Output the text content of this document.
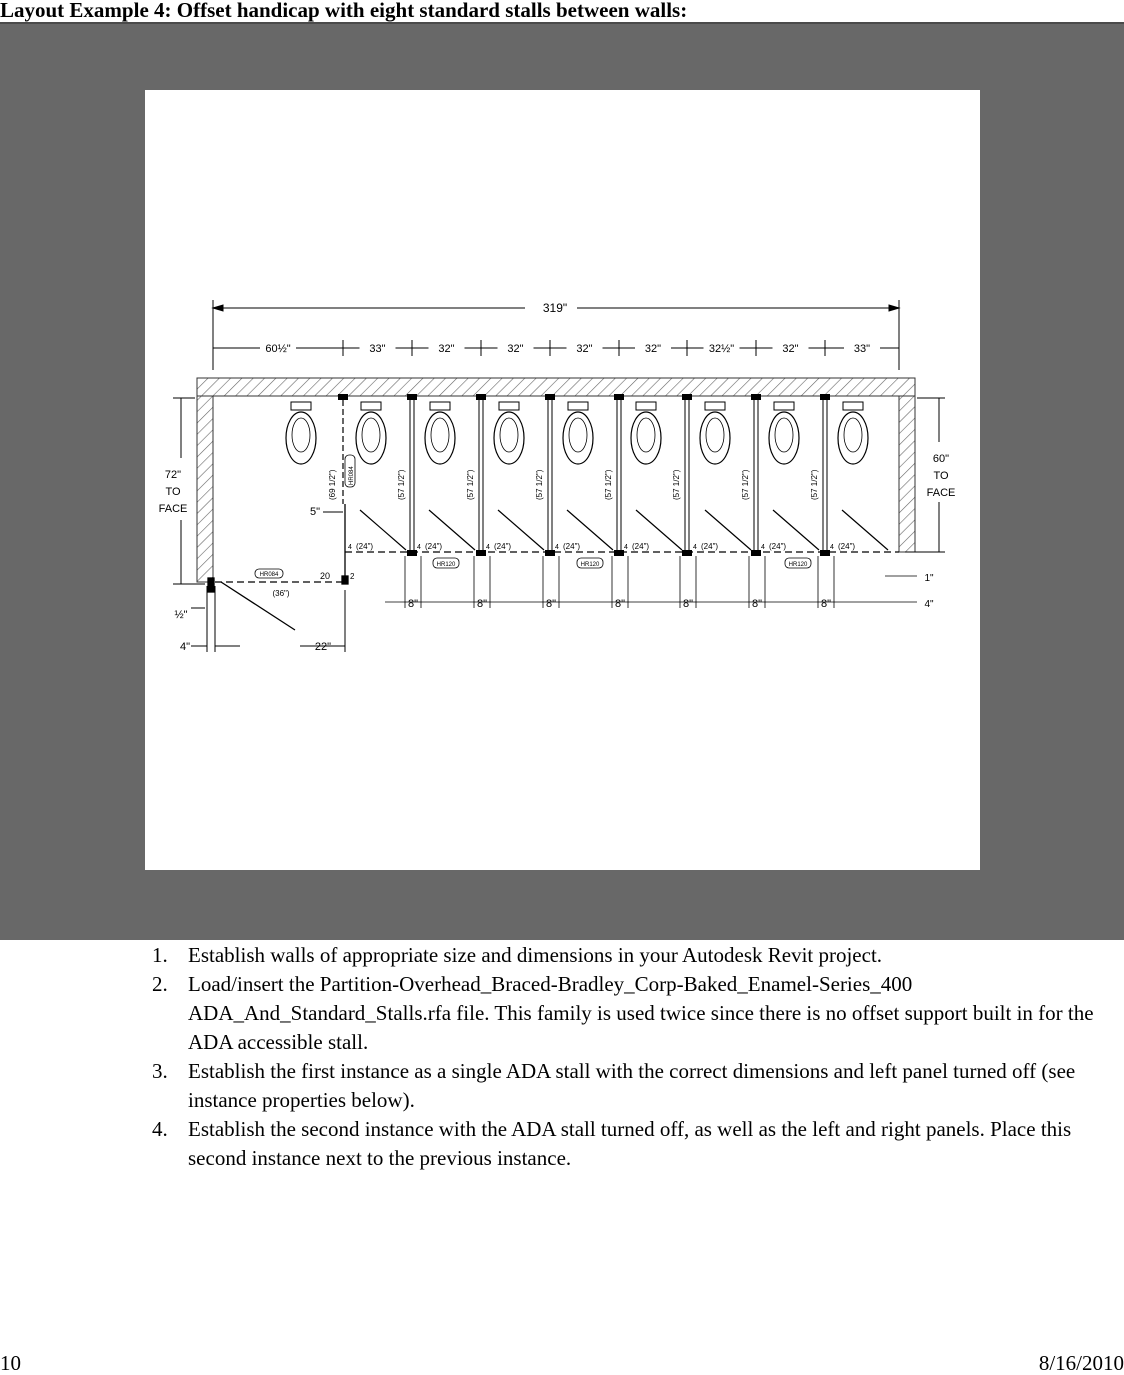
Layout Example 4: Offset handicap with eight standard stalls between walls:
319"
60½"	33"	32"	32"	32"	32"	32½"	32"	33"
(69 1/2")	(57 1/2")	(57 1/2")	(57 1/2")	(57 1/2")	(57 1/2")	(57 1/2")	(57 1/2")
HR084
(24")
4	(24")
4	(24")
4	(24")
4	(24")
4	(24")
4	(24")
4	(24")
4
HR120	HR120	HR120
(36")
20 2
HR084
5"
72"
TO
FACE
60"
TO
FACE
8"	8"	8"	8"	8"	8"	8"
½"
4"	22"
1"
4"
1. Establish walls of appropriate size and dimensions in your Autodesk Revit project.
2. Load/insert the Partition-Overhead_Braced-Bradley_Corp-Baked_Enamel-Series_400 ADA_And_Standard_Stalls.rfa file. This family is used twice since there is no offset support built in for the ADA accessible stall.
3. Establish the first instance as a single ADA stall with the correct dimensions and left panel turned off (see instance properties below).
4. Establish the second instance with the ADA stall turned off, as well as the left and right panels. Place this second instance next to the previous instance.
10	8/16/2010
